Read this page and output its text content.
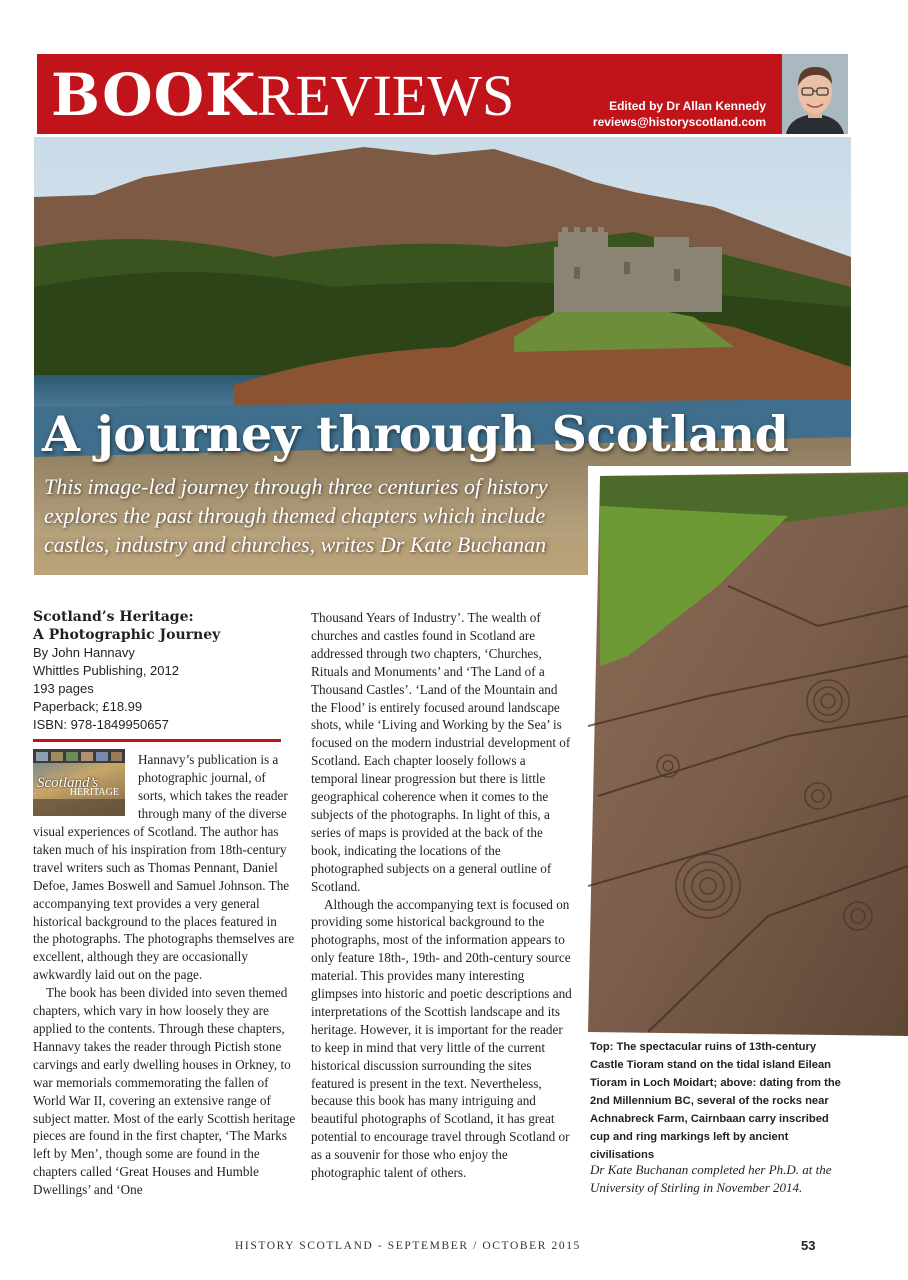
BOOKREVIEWS	Edited by Dr Allan Kennedy
reviews@historyscotland.com
A journey through Scotland
This image-led journey through three centuries of history explores the past through themed chapters which include castles, industry and churches, writes Dr Kate Buchanan
Scotland’s Heritage:
A Photographic Journey
By John Hannavy
Whittles Publishing, 2012
193 pages
Paperback; £18.99
ISBN: 978-1849950657
Scotland’s
HERITAGE

Hannavy’s publication is a photographic journal, of sorts, which takes the reader through many of the diverse

visual experiences of Scotland. The author has taken much of his inspiration from 18th-century travel writers such as Thomas Pennant, Daniel Defoe, James Boswell and Samuel Johnson. The accompanying text provides a very general historical background to the places featured in the photographs. The photographs themselves are excellent, although they are occasionally awkwardly laid out on the page.

The book has been divided into seven themed chapters, which vary in how loosely they are applied to the contents. Through these chapters, Hannavy takes the reader through Pictish stone carvings and early dwelling houses in Orkney, to war memorials commemorating the fallen of World War II, covering an extensive range of subject matter. Most of the early Scottish heritage pieces are found in the first chapter, ‘The Marks left by Men’, though some are found in the chapters called ‘Great Houses and Humble Dwellings’ and ‘One

Thousand Years of Industry’. The wealth of churches and castles found in Scotland are addressed through two chapters, ‘Churches, Rituals and Monuments’ and ‘The Land of a Thousand Castles’. ‘Land of the Mountain and the Flood’ is entirely focused around landscape shots, while ‘Living and Working by the Sea’ is focused on the modern industrial development of Scotland. Each chapter loosely follows a temporal linear progression but there is little geographical coherence when it comes to the subjects of the photographs. In light of this, a series of maps is provided at the back of the book, indicating the locations of the photographed subjects on a general outline of Scotland.

Although the accompanying text is focused on providing some historical background to the photographs, most of the information appears to only feature 18th-, 19th- and 20th-century source material. This provides many interesting glimpses into historic and poetic descriptions and interpretations of the Scottish landscape and its heritage. However, it is important for the reader to keep in mind that very little of the current historical discussion surrounding the sites featured is present in the text. Nevertheless, because this book has many intriguing and beautiful photographs of Scotland, it has great potential to encourage travel through Scotland or as a souvenir for those who enjoy the photographic talent of others.

Top: The spectacular ruins of 13th-century Castle Tioram stand on the tidal island Eilean Tioram in Loch Moidart; above: dating from the 2nd Millennium BC, several of the rocks near Achnabreck Farm, Cairnbaan carry inscribed cup and ring markings left by ancient civilisations
Dr Kate Buchanan completed her Ph.D. at the University of Stirling in November 2014.
HISTORY SCOTLAND - SEPTEMBER / OCTOBER 2015	53
